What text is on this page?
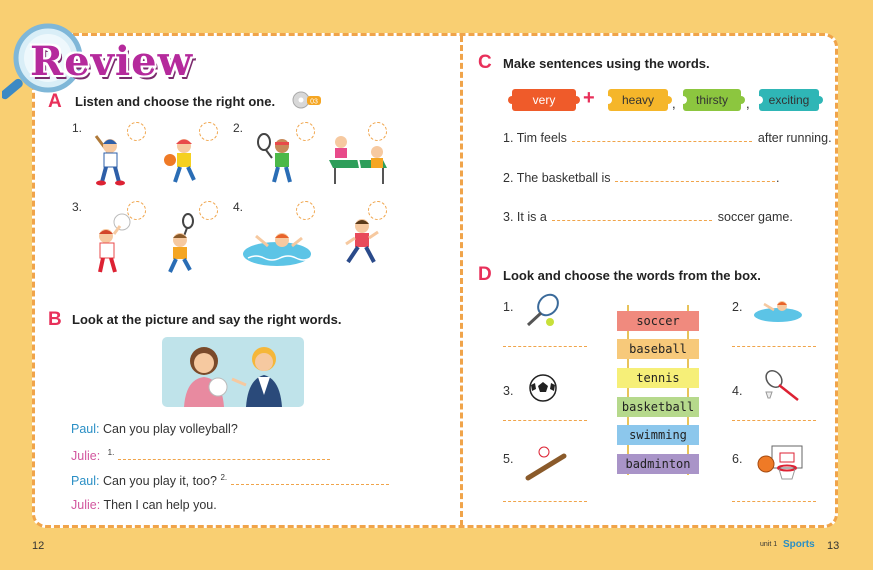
Review
A Listen and choose the right one.	03
1.	2.
3.	4.
B Look at the picture and say the right words.
Paul: Can you play volleyball?
Julie: $^{1.}$
Paul: Can you play it, too? $^{2.}$
Julie: Then I can help you.
C Make sentences using the words.
very + heavy , thirsty , exciting
1. Tim feels	after running.
2. The basketball is	.
3. It is a	soccer game.
D Look and choose the words from the box.
soccer
baseball
tennis
basketball
swimming
badminton
1.	2.
3.	4.
5.	6.
12	unit 1 Sports 13
